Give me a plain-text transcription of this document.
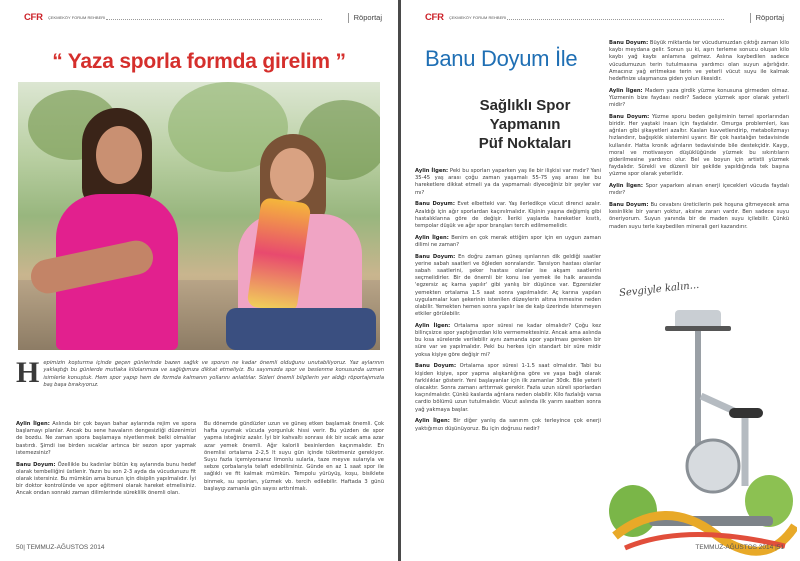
CFR ÇEKMEKÖY FORUM REHBERI	Röportaj
“ Yaza sporla formda girelim ”
H epimizin koşturma içinde geçen günlerinde bazen sağlık ve sporun ne kadar önemli olduğunu unutabiliyoruz. Yaz aylarının yaklaştığı bu günlerde mutlaka kilolarımıza ve sağlığımıza dikkat etmeliyiz. Bu sayımızda spor ve beslenme konusunda uzman isimlerle konuştuk. Hem spor yapıp hem de formda kalmanın yollarını anlattılar. Sizleri önemli bilgilerin yer aldığı röportajımızla baş başa bırakıyoruz.

Aylin İlgen: Aslında bir çok bayan bahar aylarında rejim ve spora başlamayı planlar. Ancak bu sene havaların dengesizliği düzenimizi de bozdu. Ne zaman spora başlamaya niyetlenmek belki olmalılar bastırdı. Şimdi ise birden sıcaklar artınca bir sezon spor yapmak istemezsiniz?

Banu Doyum: Özellikle bu kadınlar bütün kış aylarında bunu hedef olarak tembelliğini üstlenir. Yazın bu son 2-3 ayda da vücudunuzu fit olarak istersiniz. Bu mümkün ama bunun için disiplin yapılmalıdır. İyi bir doktor kontrolünde ve spor eğitmeni olarak hareket etmelisiniz. Ancak ondan sonraki zaman dilimlerinde süreklilik önemli olan.

Bu dönemde gündüzler uzun ve güneş etken başlamak önemli. Çok hafta uyumak vücuda yorgunluk hissi verir. Bu yüzden de spor yapma isteğiniz azalır. İyi bir kahvaltı sonrası ılık bir sıcak ama azar azar yemek önemli. Ağır kalorili besinlerden kaçınmalıdır. En önemlisi ortalama 2-2,5 lt suyu gün içinde tüketmeniz gerekiyor. Suyu fazla içemiyorsanız limonlu sularla, taze meyve sularıyla ve sebze çorbalarıyla telafi edebilirsiniz. Günde en az 1 saat spor ile sağlıklı ve fit kalmak mümkün. Tempolu yürüyüş, koşu, bisiklete binmek, su sporları, yüzmek vb. tercih edilebilir. Haftada 3 günü başlayıp zamanla gün sayısı arttırılmalı.

50| TEMMUZ-AĞUSTOS 2014
CFR ÇEKMEKÖY FORUM REHBERI	Röportaj
Banu Doyum İle
Sağlıklı Spor
Yapmanın
Püf Noktaları

Aylin İlgen: Peki bu sporları yaparken yaş ile bir ilişkisi var mıdır? Yani 35-45 yaş arası çoğu zaman yaşamalı 55-75 yaş arası ise bu hareketlere dikkat etmeli ya da yapmamalı diyeceğiniz bir şeyler var mı?

Banu Doyum: Evet elbetteki var. Yaş ilerledikçe vücut direnci azalır. Azaldığı için ağır sporlardan kaçınılmalıdır. Kişinin yaşına değişmiş gibi hastalıklarına göre de değişir. İleriki yaşlarda hareketler kısıtlı, tempolar düşük ve ağır spor branşları tercih edilmemelidir.

Aylin İlgen: Benim en çok merak ettiğim spor için en uygun zaman dilimi ne zaman?

Banu Doyum: En doğru zaman güneş ışınlarının dik geldiği saatler yerine sabah saatleri ve öğleden sonralarıdır. Tansiyon hastası olanlar sabah saatlerini, şeker hastası olanlar ise akşam saatlerini seçmelidirler. Bir de önemli bir konu ise yemek ile halk arasında 'egzersiz aç karna yapılır' gibi yanlış bir düşünce var. Egzersizler yemekten ortalama 1.5 saat sonra yapılmalıdır. Aç karına yapılan uygulamalar kan şekerinin istenilen düzeylerin altına inmesine neden olabilir. Yemekten hemen sonra yapılır ise de kalp üzerinde istenmeyen etkiler görülebilir.

Aylin İlgen: Ortalama spor süresi ne kadar olmalıdır? Çoğu kez bilinçsizce spor yaptığınızdan kilo vermemektesiniz. Ancak ama aslında bu kısa sürelerde verilebilir aynı zamanda spor yapılması gereken bir süre var ve yapılmalıdır. Peki bu herkes için standart bir süre midir yoksa kişiye göre değişir mi?

Banu Doyum: Ortalama spor süresi 1-1.5 saat olmalıdır. Tabi bu kişiden kişiye, spor yapma alışkanlığına göre ve yaşa bağlı olarak farklılıklar gösterir. Yeni başlayanlar için ilk zamanlar 30dk. Bile yeterli olacaktır. Sonra zamanı arttırmak gerekir. Fazla uzun süreli sporlardan kaçınılmalıdır. Çünkü kaslarda ağrılara neden olabilir. Kilo fazlalığı varsa cardio bölümü uzun tutulmalıdır. Vücut aslında ilk yarım saatten sonra yağ yakmaya başlar.

Aylin İlgen: Bir diğer yanlış da sanırım çok terleyince çok enerji yaktığımızı düşünüyoruz. Bu için doğrusu nedir?

Banu Doyum: Büyük miktarda ter vücudumuzdan çıktığı zaman kilo kaybı meydana gelir. Sonun şu ki, aşırı terleme sonucu oluşan kilo kaybı yağ kaybı anlamına gelmez. Aslına kaybedilen sadece vücudumuzun terin tutulmasına yardımcı olan suyun ağırlığıdır. Amacınız yağ eritmekse terin ve yeterli vücut suyu ile kalmak hedefinize ulaşmanıza giden yolun ilkesidir.

Aylin İlgen: Madem yaza girdik yüzme konusuna girmeden olmaz. Yüzmenin bize faydası nedir? Sadece yüzmek spor olarak yeterli midir?

Banu Doyum: Yüzme sporu beden gelişiminin temel sporlarından biridir. Her yaştaki insan için faydalıdır. Omurga problemleri, kas ağrıları gibi şikayetleri azaltır. Kasları kuvvetlendirip, metabolizmayı hızlandırır, bağışıklık sistemini uyarır. Bir çok hastalığın tedavisinde kullanılır. Hatta kronik ağrıların tedavisinde bile destekçidir. Kaygı, moral ve motivasyon düşüklüğünde yüzmek bu sıkıntıların giderilmesine yardımcı olur. Bel ve boyun için artistli yüzmek faydalıdır. Sürekli ve düzenli bir şekilde yapıldığında tek başına yüzme spor olarak yeterlidir.

Aylin İlgen: Spor yaparken alınan enerji içecekleri vücuda faydalı mıdır?

Banu Doyum: Bu cevabını üreticilerin pek hoşuna gitmeyecek ama kesinlikle bir yararı yoktur, aksine zararı vardır. Ben sadece suyu öneriyorum. Suyun yanında bir de maden suyu içilebilir. Çünkü maden suyu terle kaybedilen minerali geri kazandırır.

Sevgiyle kalın...
TEMMUZ-AĞUSTOS 2014 |51
